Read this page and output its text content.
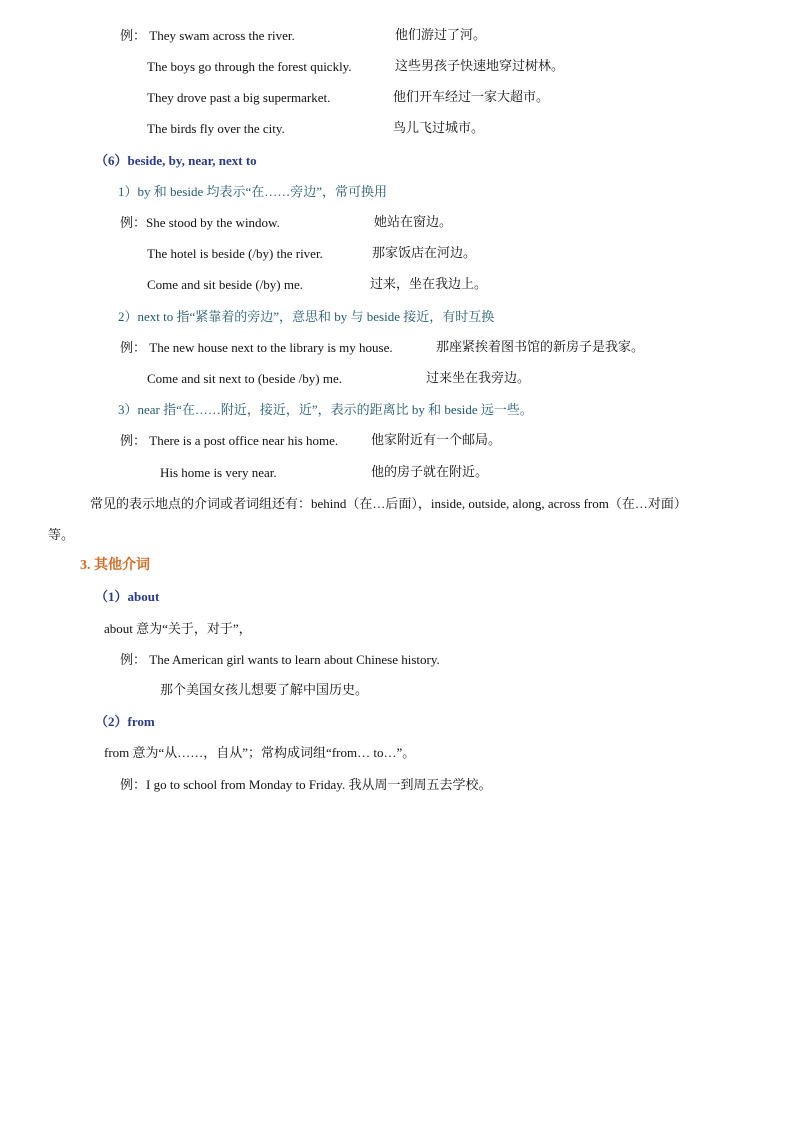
例： They swam across the river.	他们游过了河。
The boys go through the forest quickly.	这些男孩子快速地穿过树林。
They drove past a big supermarket.	他们开车经过一家大超市。
The birds fly over the city.	鸟儿飞过城市。
（6）beside, by, near, next to
1）by 和 beside 均表示“在……旁边”，常可换用
例：She stood by the window.	她站在窗边。
The hotel is beside (/by) the river.	那家饭店在河边。
Come and sit beside (/by) me.	过来，坐在我边上。
2）next to 指“紧靠着的旁边”，意思和 by 与 beside 接近，有时互换
例： The new house next to the library is my house.	那座紧挨着图书馆的新房子是我家。
Come and sit next to (beside /by) me.	过来坐在我旁边。
3）near 指“在……附近，接近，近”，表示的距离比 by 和 beside 远一些。
例： There is a post office near his home.	他家附近有一个邮局。
His home is very near.	他的房子就在附近。
常见的表示地点的介词或者词组还有：behind（在…后面），inside, outside, along, across from（在…对面）
等。
3. 其他介词
（1）about
about 意为“关于，对于”，
例： The American girl wants to learn about Chinese history.
那个美国女孩儿想要了解中国历史。
（2）from
from 意为“从……，自从”；常构成词组“from… to…”。
例：I go to school from Monday to Friday. 我从周一到周五去学校。
